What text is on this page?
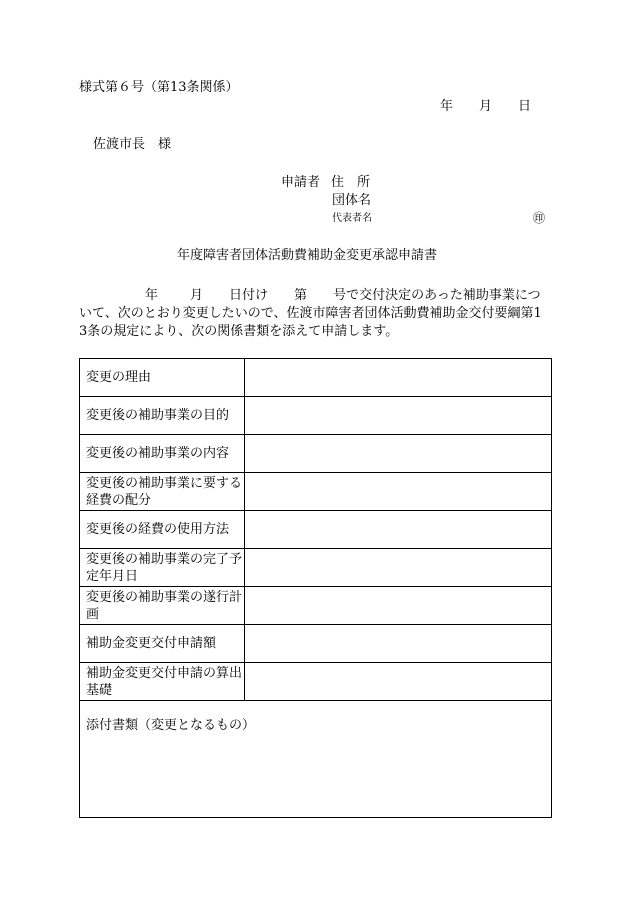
様式第６号（第13条関係）
年 月 日
佐渡市長　様
申請者 住　所
団体名
代表者名	㊞
年度障害者団体活動費補助金変更承認申請書
年 月 日付け 第 号で交付決定のあった補助事業につ
いて、次のとおり変更したいので、佐渡市障害者団体活動費補助金交付要綱第1
3条の規定により、次の関係書類を添えて申請します。
変更の理由	
変更後の補助事業の目的	
変更後の補助事業の内容	
変更後の補助事業に要する経費の配分	
変更後の経費の使用方法	
変更後の補助事業の完了予定年月日	
変更後の補助事業の遂行計画	
補助金変更交付申請額	
補助金変更交付申請の算出基礎	
添付書類（変更となるもの）	
